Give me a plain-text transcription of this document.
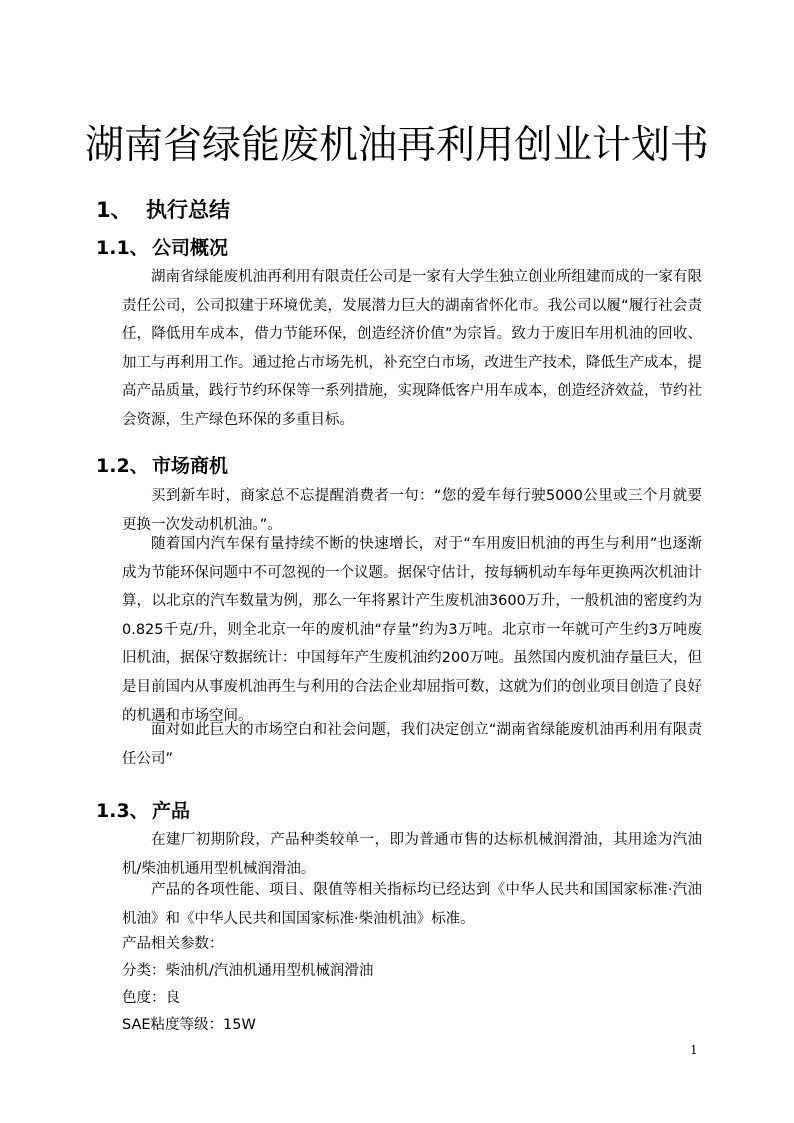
湖南省绿能废机油再利用创业计划书
1、 执行总结
1.1、 公司概况

湖南省绿能废机油再利用有限责任公司是一家有大学生独立创业所组建而成的一家有限责任公司，公司拟建于环境优美，发展潜力巨大的湖南省怀化市。我公司以履“履行社会责任，降低用车成本，借力节能环保，创造经济价值”为宗旨。致力于废旧车用机油的回收、加工与再利用工作。通过抢占市场先机，补充空白市场，改进生产技术，降低生产成本，提高产品质量，践行节约环保等一系列措施，实现降低客户用车成本，创造经济效益，节约社会资源，生产绿色环保的多重目标。

1.2、 市场商机

买到新车时，商家总不忘提醒消费者一句：“您的爱车每行驶5000公里或三个月就要更换一次发动机机油。”。

随着国内汽车保有量持续不断的快速增长，对于“车用废旧机油的再生与利用”也逐渐成为节能环保问题中不可忽视的一个议题。据保守估计，按每辆机动车每年更换两次机油计算，以北京的汽车数量为例，那么一年将累计产生废机油3600万升，一般机油的密度约为0.825千克/升，则全北京一年的废机油“存量”约为3万吨。北京市一年就可产生约3万吨废旧机油，据保守数据统计：中国每年产生废机油约200万吨。虽然国内废机油存量巨大，但是目前国内从事废机油再生与利用的合法企业却屈指可数，这就为们的创业项目创造了良好的机遇和市场空间。

面对如此巨大的市场空白和社会问题，我们决定创立“湖南省绿能废机油再利用有限责任公司”

1.3、 产品

在建厂初期阶段，产品种类较单一，即为普通市售的达标机械润滑油，其用途为汽油机/柴油机通用型机械润滑油。

产品的各项性能、项目、限值等相关指标均已经达到《中华人民共和国国家标准·汽油机油》和《中华人民共和国国家标准·柴油机油》标准。

产品相关参数：

分类：柴油机/汽油机通用型机械润滑油

色度：良

SAE粘度等级：15W

1
